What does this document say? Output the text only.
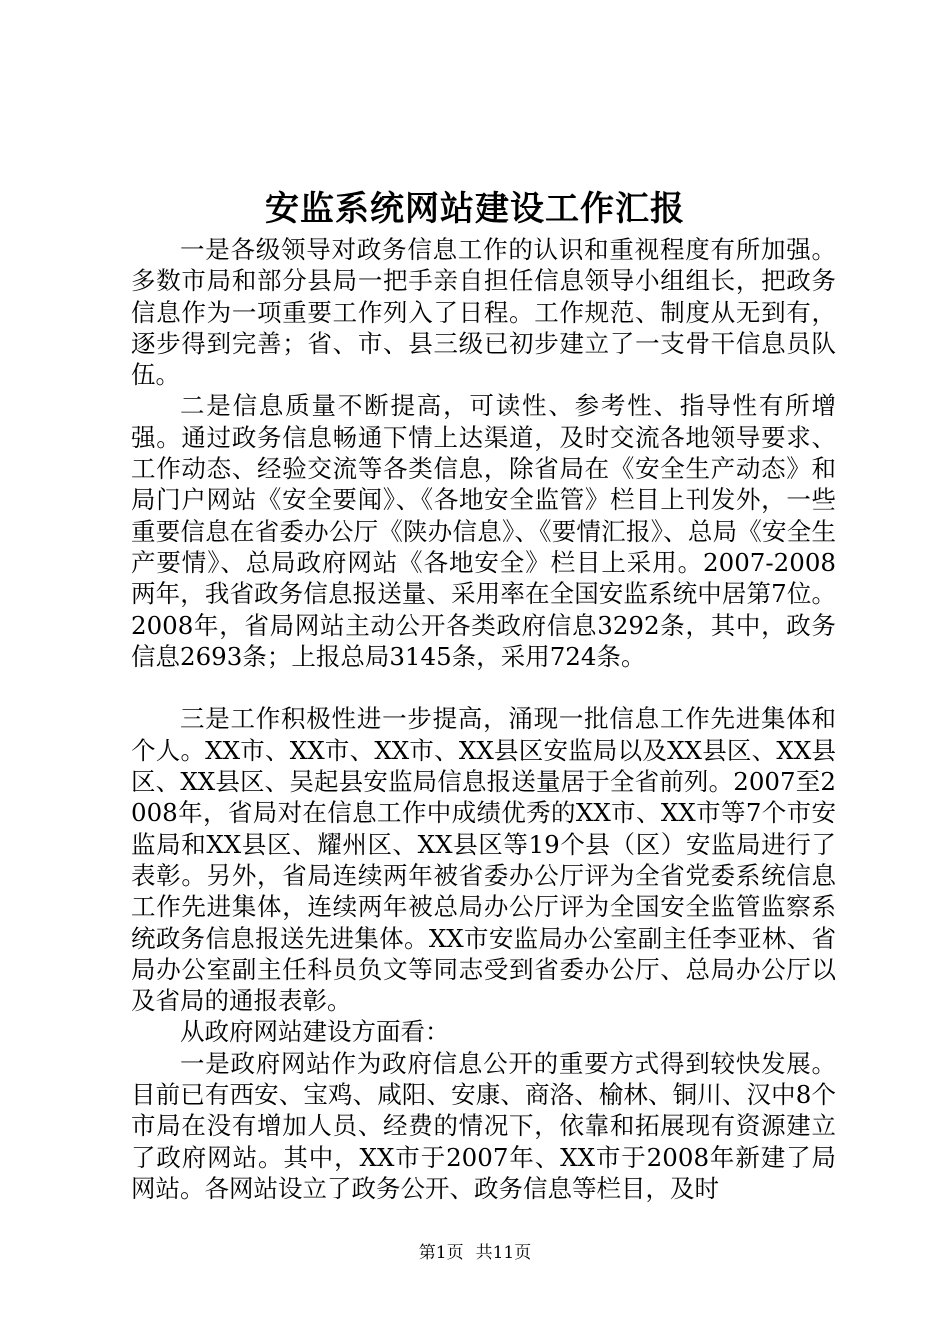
安监系统网站建设工作汇报

一是各级领导对政务信息工作的认识和重视程度有所加强。多数市局和部分县局一把手亲自担任信息领导小组组长，把政务信息作为一项重要工作列入了日程。工作规范、制度从无到有，逐步得到完善；省、市、县三级已初步建立了一支骨干信息员队伍。

二是信息质量不断提高，可读性、参考性、指导性有所增强。通过政务信息畅通下情上达渠道，及时交流各地领导要求、工作动态、经验交流等各类信息，除省局在《安全生产动态》和局门户网站《安全要闻》、《各地安全监管》栏目上刊发外，一些重要信息在省委办公厅《陕办信息》、《要情汇报》、总局《安全生产要情》、总局政府网站《各地安全》栏目上采用。2007-2008两年，我省政务信息报送量、采用率在全国安监系统中居第7位。2008年，省局网站主动公开各类政府信息3292条，其中，政务信息2693条；上报总局3145条，采用724条。

三是工作积极性进一步提高，涌现一批信息工作先进集体和个人。XX市、XX市、XX市、XX县区安监局以及XX县区、XX县区、XX县区、吴起县安监局信息报送量居于全省前列。2007至2008年，省局对在信息工作中成绩优秀的XX市、XX市等7个市安监局和XX县区、耀州区、XX县区等19个县（区）安监局进行了表彰。另外，省局连续两年被省委办公厅评为全省党委系统信息工作先进集体，连续两年被总局办公厅评为全国安全监管监察系统政务信息报送先进集体。XX市安监局办公室副主任李亚林、省局办公室副主任科员负文等同志受到省委办公厅、总局办公厅以及省局的通报表彰。

从政府网站建设方面看：

一是政府网站作为政府信息公开的重要方式得到较快发展。目前已有西安、宝鸡、咸阳、安康、商洛、榆林、铜川、汉中8个市局在没有增加人员、经费的情况下，依靠和拓展现有资源建立了政府网站。其中，XX市于2007年、XX市于2008年新建了局网站。各网站设立了政务公开、政务信息等栏目，及时

第1页 共11页
